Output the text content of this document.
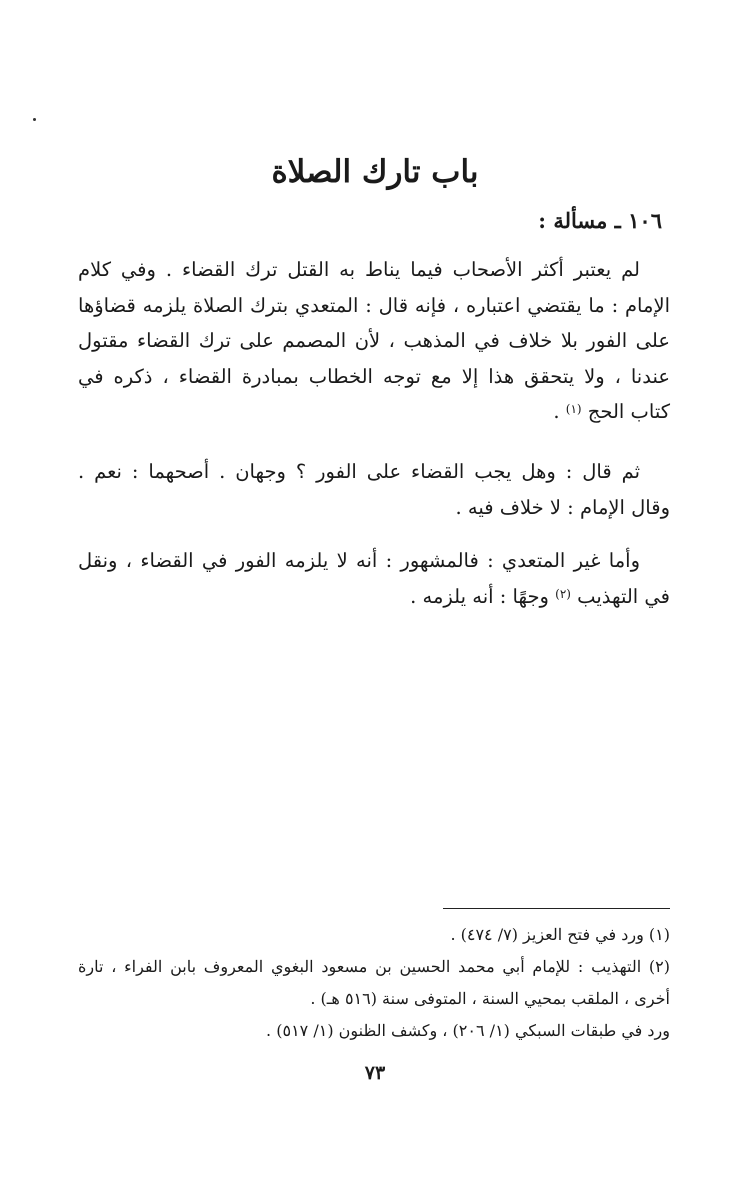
باب تارك الصلاة
١٠٦ ـ مسألة :

لم يعتبر أكثر الأصحاب فيما يناط به القتل ترك القضاء . وفي كلام
الإمام : ما يقتضي اعتباره ، فإنه قال : المتعدي بترك الصلاة يلزمه قضاؤها
على الفور بلا خلاف في المذهب ، لأن المصمم على ترك القضاء مقتول
عندنا ، ولا يتحقق هذا إلا مع توجه الخطاب بمبادرة القضاء ، ذكره في
كتاب الحج $^{(١)}$ .

ثم قال : وهل يجب القضاء على الفور ؟ وجهان . أصحهما : نعم .
وقال الإمام : لا خلاف فيه .

وأما غير المتعدي : فالمشهور : أنه لا يلزمه الفور في القضاء ، ونقل
في التهذيب $^{(٢)}$ وجهًا : أنه يلزمه .

(١) ورد في فتح العزيز (٧/ ٤٧٤) .
(٢) التهذيب : للإمام أبي محمد الحسين بن مسعود البغوي المعروف بابن الفراء ، تارة
أخرى ، الملقب بمحيي السنة ، المتوفى سنة (٥١٦ هـ) .
ورد في طبقات السبكي (١/ ٢٠٦) ، وكشف الظنون (١/ ٥١٧) .
٧٣
